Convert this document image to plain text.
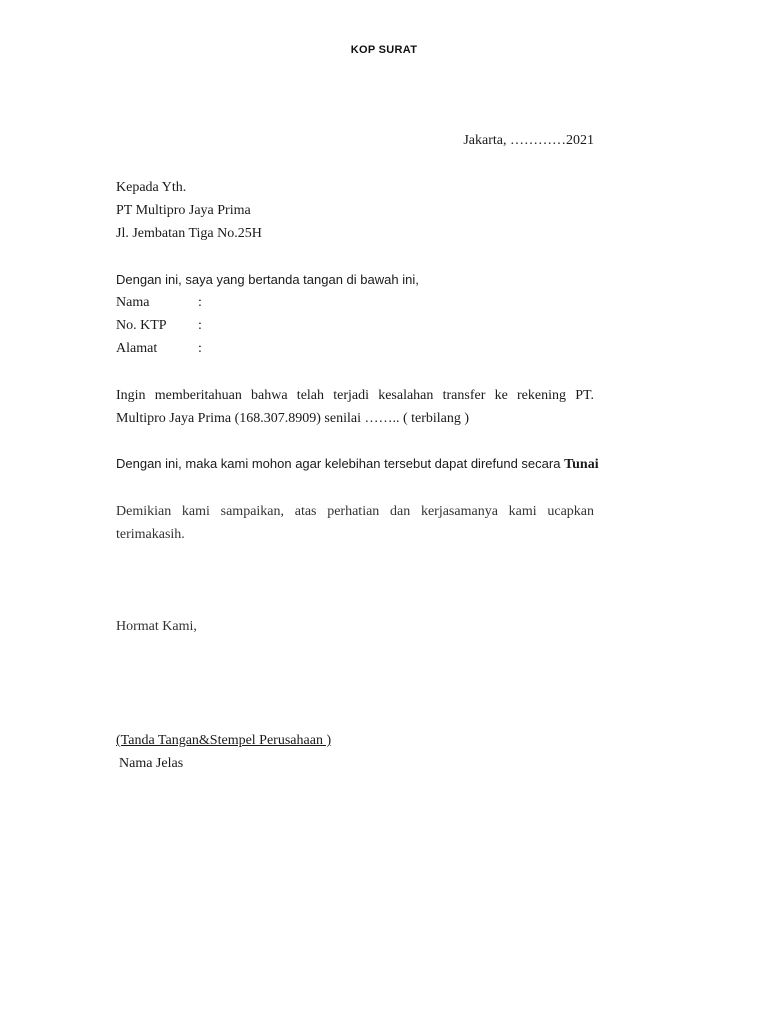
KOP SURAT
Jakarta, …………2021
Kepada Yth.
PT Multipro Jaya Prima
Jl. Jembatan Tiga No.25H
Dengan ini, saya yang bertanda tangan di bawah ini,
Nama	:
No. KTP :
Alamat	:
Ingin memberitahuan bahwa telah terjadi kesalahan transfer ke rekening PT. Multipro Jaya Prima (168.307.8909) senilai …….. ( terbilang )
Dengan ini, maka kami mohon agar kelebihan tersebut dapat direfund secara Tunai
Demikian kami sampaikan, atas perhatian dan kerjasamanya kami ucapkan terimakasih.
Hormat Kami,
(Tanda Tangan&Stempel Perusahaan )
Nama Jelas
